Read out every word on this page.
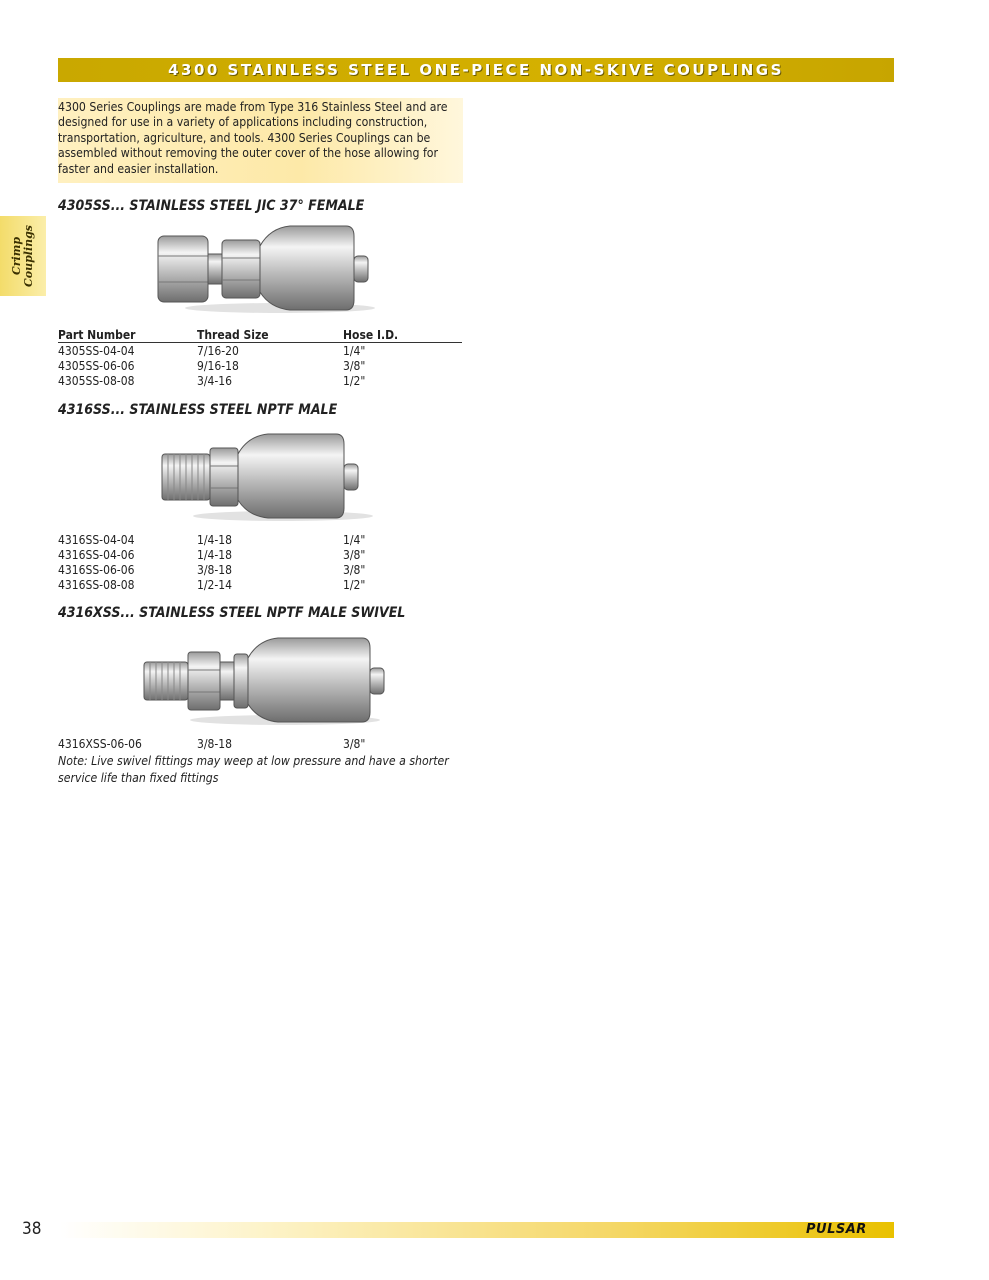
4300 STAINLESS STEEL ONE-PIECE NON-SKIVE COUPLINGS
Crimp Couplings
4300 Series Couplings are made from Type 316 Stainless Steel and are
designed for use in a variety of applications including construction,
transportation, agriculture, and tools. 4300 Series Couplings can be
assembled without removing the outer cover of the hose allowing for
faster and easier installation.
4305SS... STAINLESS STEEL JIC 37° FEMALE
Part Number	Thread Size	Hose I.D.
4305SS-04-04	7/16-20	1/4"
4305SS-06-06	9/16-18	3/8"
4305SS-08-08	3/4-16	1/2"
4316SS... STAINLESS STEEL NPTF MALE
4316SS-04-04	1/4-18	1/4"
4316SS-04-06	1/4-18	3/8"
4316SS-06-06	3/8-18	3/8"
4316SS-08-08	1/2-14	1/2"
4316XSS... STAINLESS STEEL NPTF MALE SWIVEL
4316XSS-06-06	3/8-18	3/8"
Note: Live swivel fittings may weep at low pressure and have a shorter service life than fixed fittings
38	PULSAR
